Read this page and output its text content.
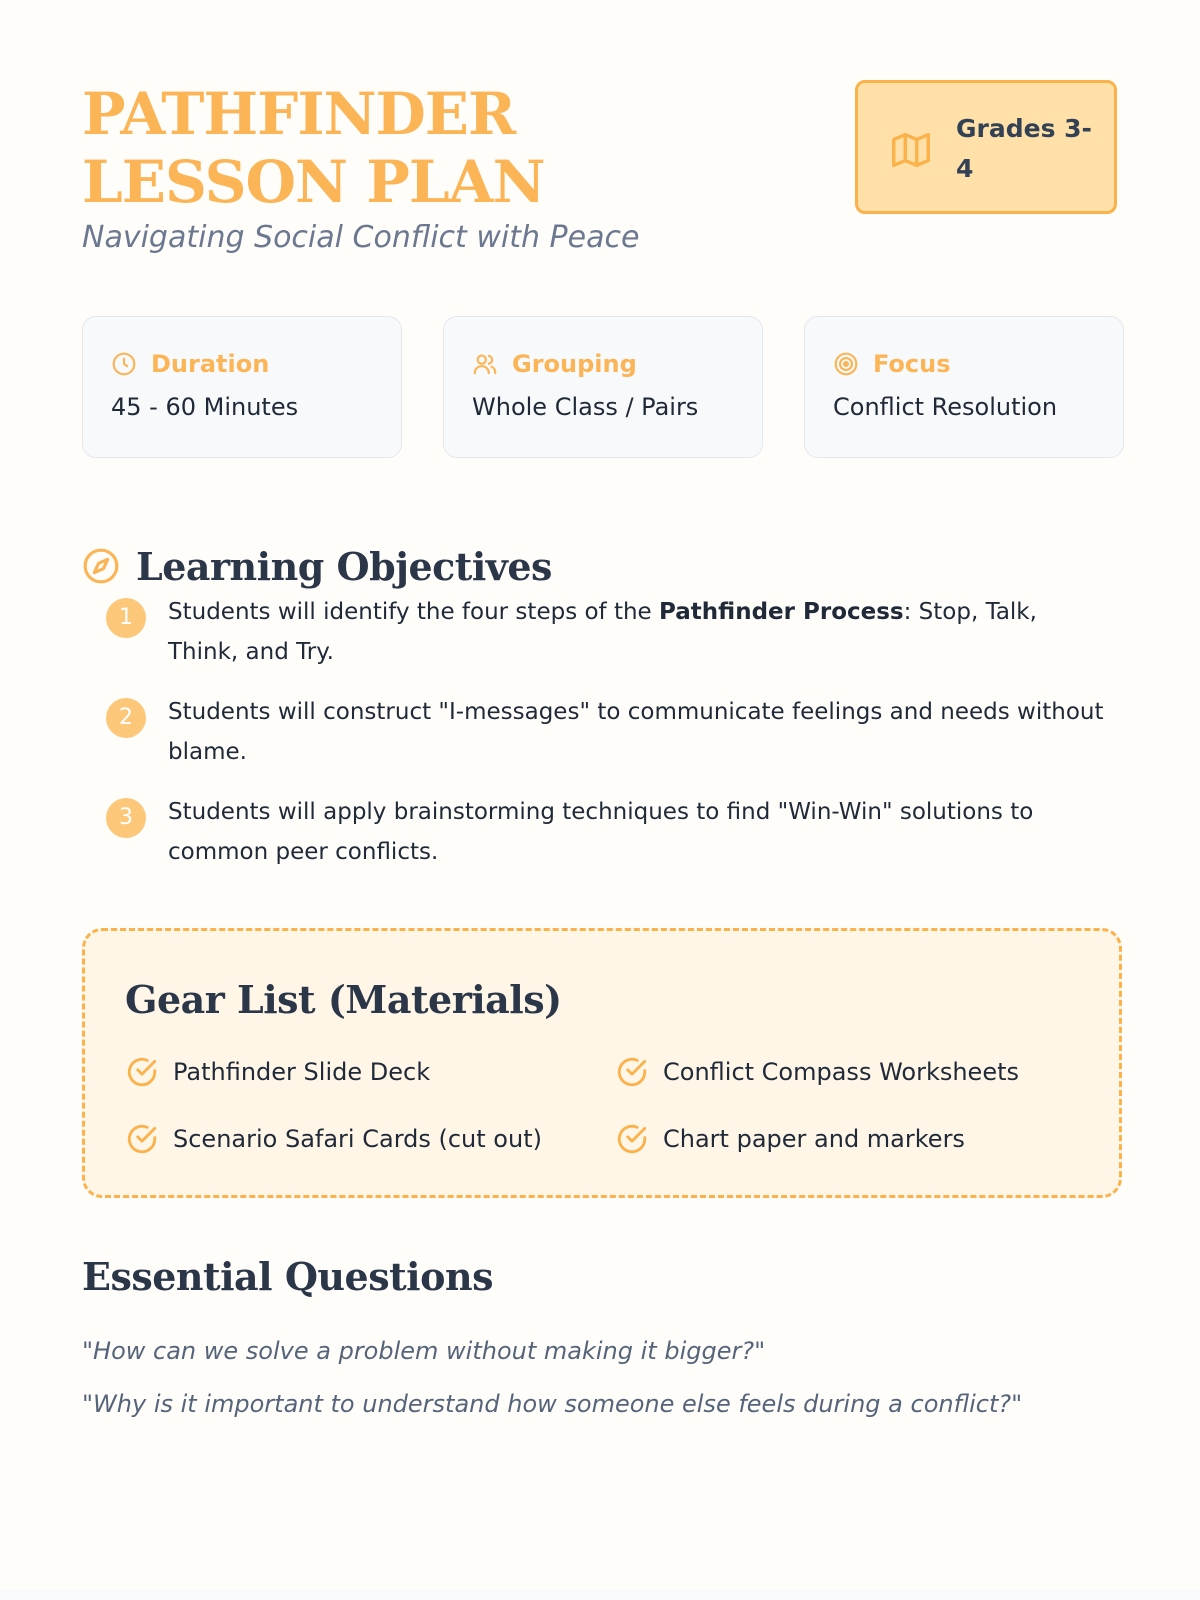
PATHFINDER LESSON PLAN

Navigating Social Conflict with Peace

Grades 3-4
Duration
45 - 60 Minutes
Grouping
Whole Class / Pairs
Focus
Conflict Resolution
Learning Objectives
1	Students will identify the four steps of the Pathfinder Process: Stop, Talk, Think, and Try.
2	Students will construct "I-messages" to communicate feelings and needs without blame.
3	Students will apply brainstorming techniques to find "Win-Win" solutions to common peer conflicts.
Gear List (Materials)
Pathfinder Slide Deck	Conflict Compass Worksheets
Scenario Safari Cards (cut out)	Chart paper and markers
Essential Questions
"How can we solve a problem without making it bigger?"
"Why is it important to understand how someone else feels during a conflict?"
